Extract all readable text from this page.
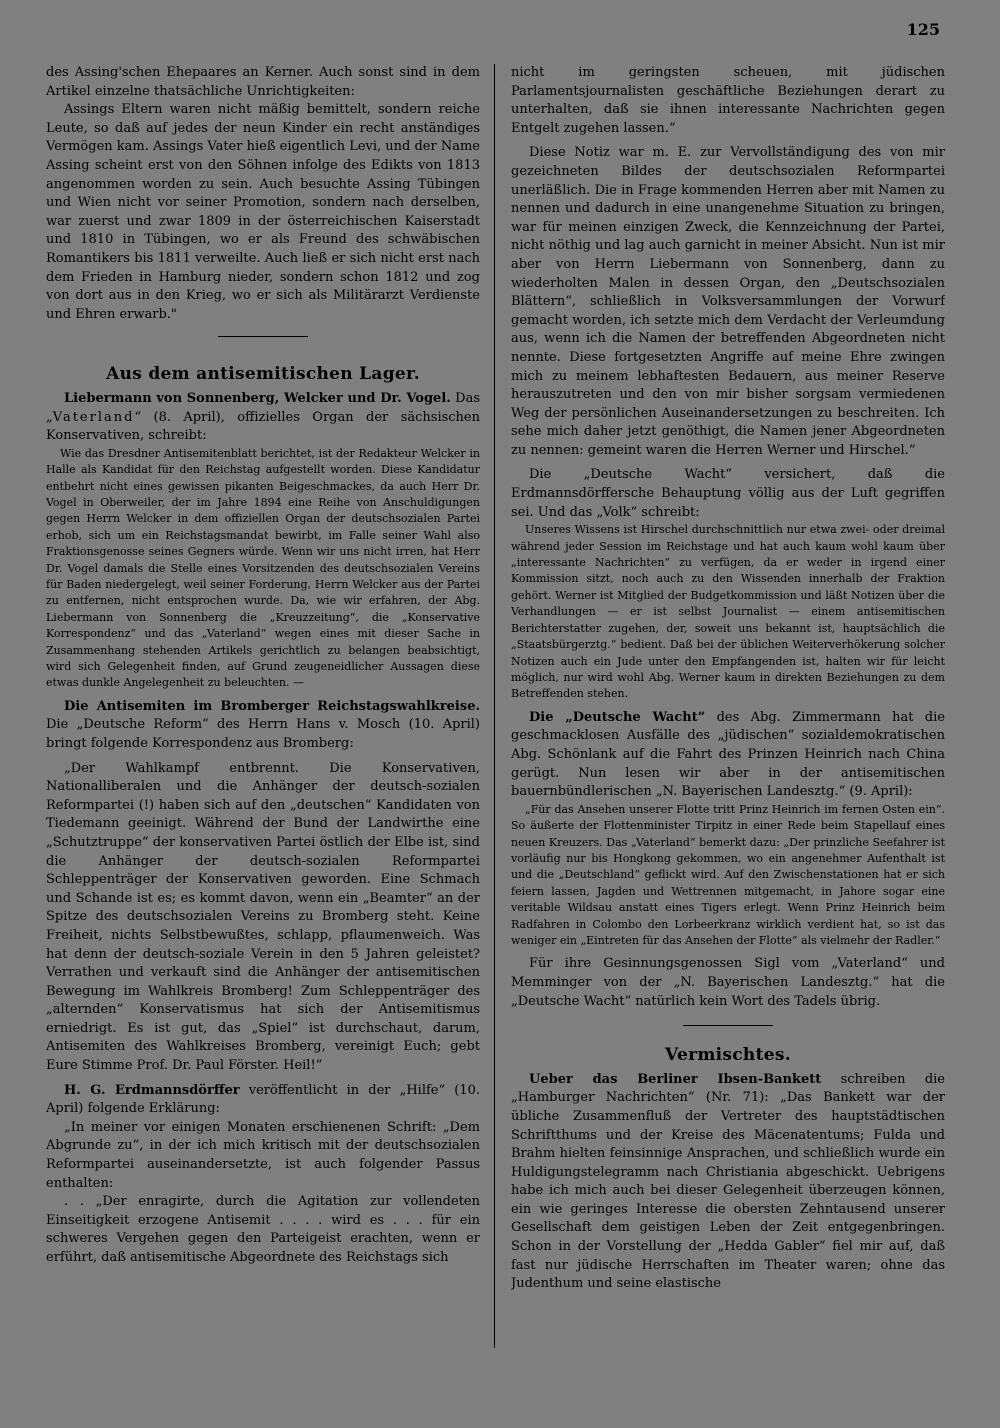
125

des Assing'schen Ehepaares an Kerner. Auch sonst sind in dem Artikel einzelne thatsächliche Unrichtigkeiten:

Assings Eltern waren nicht mäßig bemittelt, sondern reiche Leute, so daß auf jedes der neun Kinder ein recht anständiges Vermögen kam. Assings Vater hieß eigentlich Levi, und der Name Assing scheint erst von den Söhnen infolge des Edikts von 1813 angenommen worden zu sein. Auch besuchte Assing Tübingen und Wien nicht vor seiner Promotion, sondern nach derselben, war zuerst und zwar 1809 in der österreichischen Kaiserstadt und 1810 in Tübingen, wo er als Freund des schwäbischen Romantikers bis 1811 verweilte. Auch ließ er sich nicht erst nach dem Frieden in Hamburg nieder, sondern schon 1812 und zog von dort aus in den Krieg, wo er sich als Militärarzt Verdienste und Ehren erwarb."

Aus dem antisemitischen Lager.

Liebermann von Sonnenberg, Welcker und Dr. Vogel. Das „Vaterland“ (8. April), offizielles Organ der sächsischen Konservativen, schreibt:

Wie das Dresdner Antisemitenblatt berichtet, ist der Redakteur Welcker in Halle als Kandidat für den Reichstag aufgestellt worden. Diese Kandidatur entbehrt nicht eines gewissen pikanten Beigeschmackes, da auch Herr Dr. Vogel in Oberweiler, der im Jahre 1894 eine Reihe von Anschuldigungen gegen Herrn Welcker in dem offiziellen Organ der deutschsozialen Partei erhob, sich um ein Reichstagsmandat bewirbt, im Falle seiner Wahl also Fraktionsgenosse seines Gegners würde. Wenn wir uns nicht irren, hat Herr Dr. Vogel damals die Stelle eines Vorsitzenden des deutschsozialen Vereins für Baden niedergelegt, weil seiner Forderung, Herrn Welcker aus der Partei zu entfernen, nicht entsprochen wurde. Da, wie wir erfahren, der Abg. Liebermann von Sonnenberg die „Kreuzzeitung“, die „Konservative Korrespondenz“ und das „Vaterland“ wegen eines mit dieser Sache in Zusammenhang stehenden Artikels gerichtlich zu belangen beabsichtigt, wird sich Gelegenheit finden, auf Grund zeugeneidlicher Aussagen diese etwas dunkle Angelegenheit zu beleuchten. —

Die Antisemiten im Bromberger Reichstagswahlkreise. Die „Deutsche Reform“ des Herrn Hans v. Mosch (10. April) bringt folgende Korrespondenz aus Bromberg:

„Der Wahlkampf entbrennt. Die Konservativen, Nationalliberalen und die Anhänger der deutsch-sozialen Reformpartei (!) haben sich auf den „deutschen“ Kandidaten von Tiedemann geeinigt. Während der Bund der Landwirthe eine „Schutztruppe“ der konservativen Partei östlich der Elbe ist, sind die Anhänger der deutsch-sozialen Reformpartei Schleppenträger der Konservativen geworden. Eine Schmach und Schande ist es; es kommt davon, wenn ein „Beamter“ an der Spitze des deutschsozialen Vereins zu Bromberg steht. Keine Freiheit, nichts Selbstbewußtes, schlapp, pflaumenweich. Was hat denn der deutsch-soziale Verein in den 5 Jahren geleistet? Verrathen und verkauft sind die Anhänger der antisemitischen Bewegung im Wahlkreis Bromberg! Zum Schleppenträger des „alternden“ Konservatismus hat sich der Antisemitismus erniedrigt. Es ist gut, das „Spiel“ ist durchschaut, darum, Antisemiten des Wahlkreises Bromberg, vereinigt Euch; gebt Eure Stimme Prof. Dr. Paul Förster. Heil!“

H. G. Erdmannsdörffer veröffentlicht in der „Hilfe“ (10. April) folgende Erklärung:

„In meiner vor einigen Monaten erschienenen Schrift: „Dem Abgrunde zu“, in der ich mich kritisch mit der deutschsozialen Reformpartei auseinandersetzte, ist auch folgender Passus enthalten:

. . „Der enragirte, durch die Agitation zur vollendeten Einseitigkeit erzogene Antisemit . . . . wird es . . . für ein schweres Vergehen gegen den Parteigeist erachten, wenn er erführt, daß antisemitische Abgeordnete des Reichstags sich

nicht im geringsten scheuen, mit jüdischen Parlamentsjournalisten geschäftliche Beziehungen derart zu unterhalten, daß sie ihnen interessante Nachrichten gegen Entgelt zugehen lassen.“

Diese Notiz war m. E. zur Vervollständigung des von mir gezeichneten Bildes der deutschsozialen Reformpartei unerläßlich. Die in Frage kommenden Herren aber mit Namen zu nennen und dadurch in eine unangenehme Situation zu bringen, war für meinen einzigen Zweck, die Kennzeichnung der Partei, nicht nöthig und lag auch garnicht in meiner Absicht. Nun ist mir aber von Herrn Liebermann von Sonnenberg, dann zu wiederholten Malen in dessen Organ, den „Deutschsozialen Blättern“, schließlich in Volksversammlungen der Vorwurf gemacht worden, ich setzte mich dem Verdacht der Verleumdung aus, wenn ich die Namen der betreffenden Abgeordneten nicht nennte. Diese fortgesetzten Angriffe auf meine Ehre zwingen mich zu meinem lebhaftesten Bedauern, aus meiner Reserve herauszutreten und den von mir bisher sorgsam vermiedenen Weg der persönlichen Auseinandersetzungen zu beschreiten. Ich sehe mich daher jetzt genöthigt, die Namen jener Abgeordneten zu nennen: gemeint waren die Herren Werner und Hirschel.“

Die „Deutsche Wacht“ versichert, daß die Erdmannsdörffersche Behauptung völlig aus der Luft gegriffen sei. Und das „Volk“ schreibt:

Unseres Wissens ist Hirschel durchschnittlich nur etwa zwei- oder dreimal während jeder Session im Reichstage und hat auch kaum wohl kaum über „interessante Nachrichten“ zu verfügen, da er weder in irgend einer Kommission sitzt, noch auch zu den Wissenden innerhalb der Fraktion gehört. Werner ist Mitglied der Budgetkommission und läßt Notizen über die Verhandlungen — er ist selbst Journalist — einem antisemitischen Berichterstatter zugehen, der, soweit uns bekannt ist, hauptsächlich die „Staatsbürgerztg.“ bedient. Daß bei der üblichen Weiterverhökerung solcher Notizen auch ein Jude unter den Empfangenden ist, halten wir für leicht möglich, nur wird wohl Abg. Werner kaum in direkten Beziehungen zu dem Betreffenden stehen.

Die „Deutsche Wacht“ des Abg. Zimmermann hat die geschmacklosen Ausfälle des „jüdischen“ sozialdemokratischen Abg. Schönlank auf die Fahrt des Prinzen Heinrich nach China gerügt. Nun lesen wir aber in der antisemitischen bauernbündlerischen „N. Bayerischen Landesztg.“ (9. April):

„Für das Ansehen unserer Flotte tritt Prinz Heinrich im fernen Osten ein“. So äußerte der Flottenminister Tirpitz in einer Rede beim Stapellauf eines neuen Kreuzers. Das „Vaterland“ bemerkt dazu: „Der prinzliche Seefahrer ist vorläufig nur bis Hongkong gekommen, wo ein angenehmer Aufenthalt ist und die „Deutschland“ geflickt wird. Auf den Zwischenstationen hat er sich feiern lassen, Jagden und Wettrennen mitgemacht, in Jahore sogar eine veritable Wildsau anstatt eines Tigers erlegt. Wenn Prinz Heinrich beim Radfahren in Colombo den Lorbeerkranz wirklich verdient hat, so ist das weniger ein „Eintreten für das Ansehen der Flotte“ als vielmehr der Radler.“

Für ihre Gesinnungsgenossen Sigl vom „Vaterland“ und Memminger von der „N. Bayerischen Landesztg.“ hat die „Deutsche Wacht“ natürlich kein Wort des Tadels übrig.

Vermischtes.

Ueber das Berliner Ibsen-Bankett schreiben die „Hamburger Nachrichten“ (Nr. 71): „Das Bankett war der übliche Zusammenfluß der Vertreter des hauptstädtischen Schriftthums und der Kreise des Mäcenatentums; Fulda und Brahm hielten feinsinnige Ansprachen, und schließlich wurde ein Huldigungstelegramm nach Christiania abgeschickt. Uebrigens habe ich mich auch bei dieser Gelegenheit überzeugen können, ein wie geringes Interesse die obersten Zehntausend unserer Gesellschaft dem geistigen Leben der Zeit entgegenbringen. Schon in der Vorstellung der „Hedda Gabler“ fiel mir auf, daß fast nur jüdische Herrschaften im Theater waren; ohne das Judenthum und seine elastische
